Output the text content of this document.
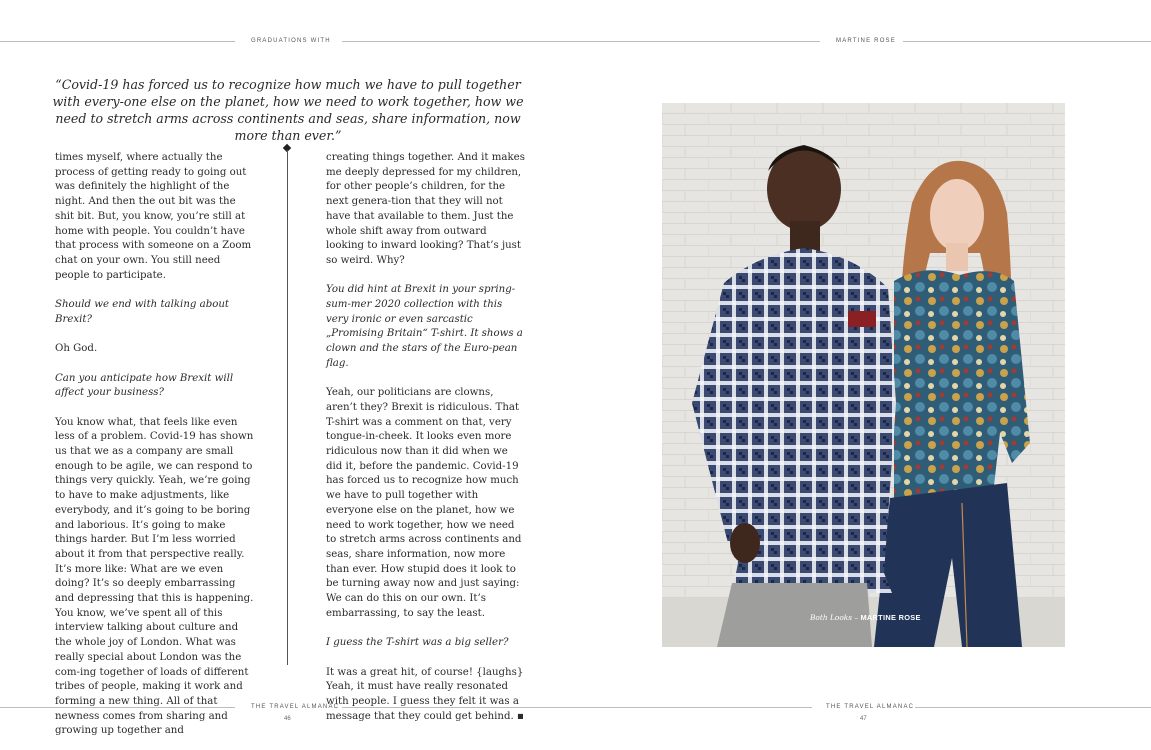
GRADUATIONS WITH	MARTINE ROSE
“Covid-19 has forced us to recognize how much we have to pull together with every-one else on the planet, how we need to work together, how we need to stretch arms across continents and seas, share information, now more than ever.”

times myself, where actually the process of getting ready to going out was definitely the highlight of the night. And then the out bit was the shit bit. But, you know, you’re still at home with people. You couldn’t have that process with someone on a Zoom chat on your own. You still need people to participate.

Should we end with talking about Brexit?

Oh God.

Can you anticipate how Brexit will affect your business?

You know what, that feels like even less of a problem. Covid-19 has shown us that we as a company are small enough to be agile, we can respond to things very quickly. Yeah, we’re going to have to make adjustments, like everybody, and it’s going to be boring and laborious. It’s going to make things harder. But I’m less worried about it from that perspective really. It’s more like: What are we even doing? It’s so deeply embarrassing and depressing that this is happening. You know, we’ve spent all of this interview talking about culture and the whole joy of London. What was really special about London was the com-ing together of loads of different tribes of people, making it work and forming a new thing. All of that newness comes from sharing and growing up together and

creating things together. And it makes me deeply depressed for my children, for other people’s children, for the next genera-tion that they will not have that available to them. Just the whole shift away from outward looking to inward looking? That’s just so weird. Why?

You did hint at Brexit in your spring-sum-mer 2020 collection with this very ironic or even sarcastic „Promising Britain“ T-shirt. It shows a clown and the stars of the Euro-pean flag.

Yeah, our politicians are clowns, aren’t they? Brexit is ridiculous. That T-shirt was a comment on that, very tongue-in-cheek. It looks even more ridiculous now than it did when we did it, before the pandemic. Covid-19 has forced us to recognize how much we have to pull together with everyone else on the planet, how we need to work together, how we need to stretch arms across continents and seas, share information, now more than ever. How stupid does it look to be turning away now and just saying: We can do this on our own. It’s embarrassing, to say the least.

I guess the T-shirt was a big seller?

It was a great hit, of course! {laughs} Yeah, it must have really resonated with people. I guess they felt it was a message that they could get behind. ▪

Both Looks – MARTINE ROSE
THE TRAVEL ALMANAC
46
THE TRAVEL ALMANAC
47
